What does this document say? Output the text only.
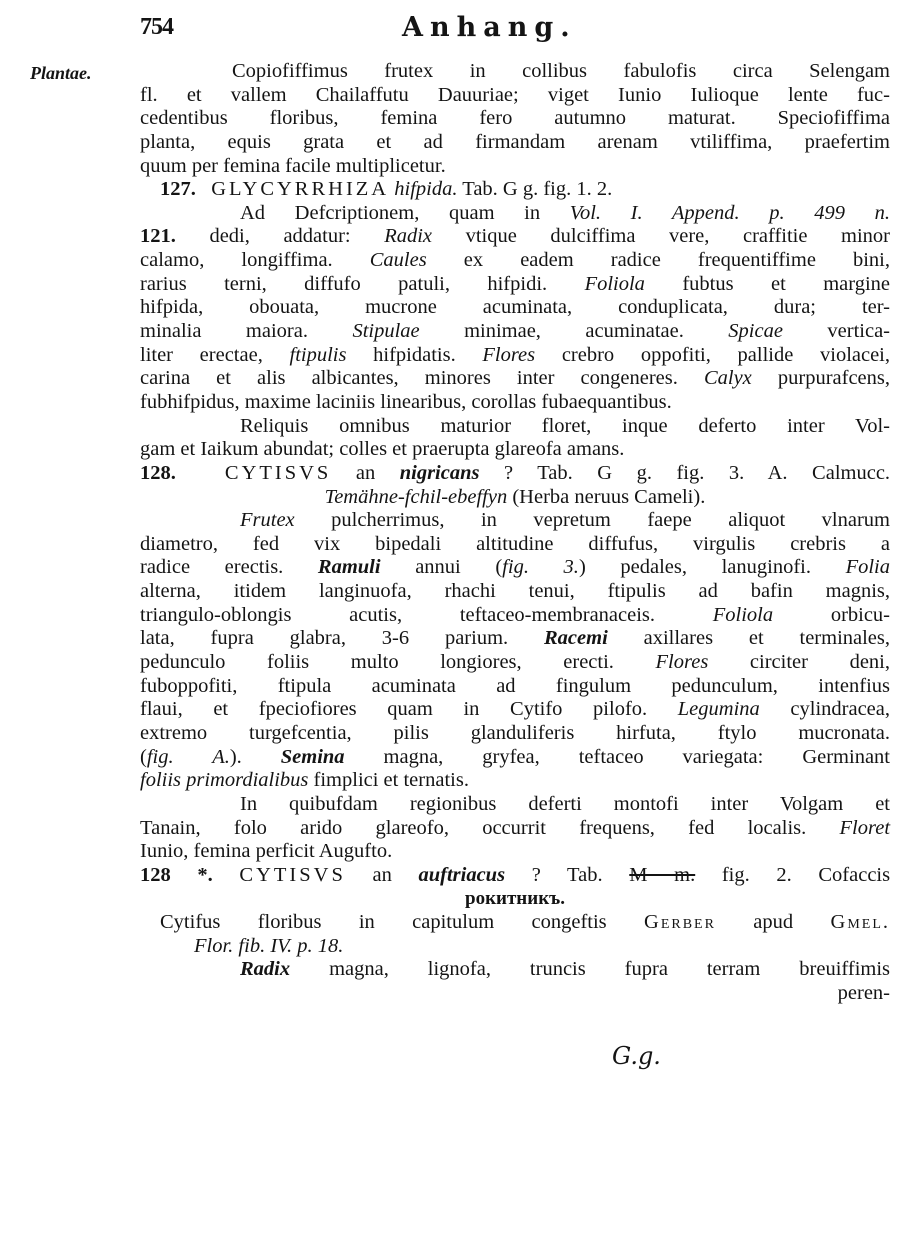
754	Anhang.
Plantae.
G.g.
Copiofiffimus frutex in collibus fabulofis circa Selengam
fl. et vallem Chailaffutu Dauuriae; viget Iunio Iulioque lente fuc-
cedentibus floribus, femina fero autumno maturat. Speciofiffima
planta, equis grata et ad firmandam arenam vtiliffima, praefertim
quum per femina facile multiplicetur.
127. GLYCYRRHIZA hifpida. Tab. G g. fig. 1. 2.
Ad Defcriptionem, quam in Vol. I. Append. p. 499 n.
121. dedi, addatur: Radix vtique dulciffima vere, craffitie minor
calamo, longiffima. Caules ex eadem radice frequentiffime bini,
rarius terni, diffufo patuli, hifpidi. Foliola fubtus et margine
hifpida, obouata, mucrone acuminata, conduplicata, dura; ter-
minalia maiora. Stipulae minimae, acuminatae. Spicae vertica-
liter erectae, ftipulis hifpidatis. Flores crebro oppofiti, pallide violacei,
carina et alis albicantes, minores inter congeneres. Calyx purpurafcens,
fubhifpidus, maxime laciniis linearibus, corollas fubaequantibus.
Reliquis omnibus maturior floret, inque deferto inter Vol-
gam et Iaikum abundat; colles et praerupta glareofa amans.
128. CYTISVS an nigricans ? Tab. G g. fig. 3. A. Calmucc.
Temähne-fchil-ebeffyn (Herba neruus Cameli).
Frutex pulcherrimus, in vepretum faepe aliquot vlnarum
diametro, fed vix bipedali altitudine diffufus, virgulis crebris a
radice erectis. Ramuli annui (fig. 3.) pedales, lanuginofi. Folia
alterna, itidem langinuofa, rhachi tenui, ftipulis ad bafin magnis,
triangulo-oblongis acutis, teftaceo-membranaceis.	Foliola	orbicu-
lata, fupra glabra, 3-6 parium. Racemi axillares et terminales,
pedunculo foliis multo longiores, erecti. Flores circiter deni,
fuboppofiti, ftipula acuminata ad fingulum pedunculum, intenfius
flaui, et fpeciofiores quam in Cytifo pilofo. Legumina cylindracea,
extremo turgefcentia, pilis glanduliferis hirfuta, ftylo mucronata.
(fig. A.). Semina magna, gryfea, teftaceo variegata: Germinant
foliis primordialibus fimplici et ternatis.
In quibufdam regionibus deferti montofi inter Volgam et
Tanain, folo arido glareofo, occurrit frequens, fed localis. Floret
Iunio, femina perficit Augufto.
128 *. CYTISVS an auftriacus ? Tab. M m. fig. 2. Cofaccis
рокитникъ.
Cytifus floribus in capitulum congeftis Gerber apud Gmel.
Flor. fib. IV. p. 18.
Radix magna, lignofa, truncis fupra terram breuiffimis
peren-
